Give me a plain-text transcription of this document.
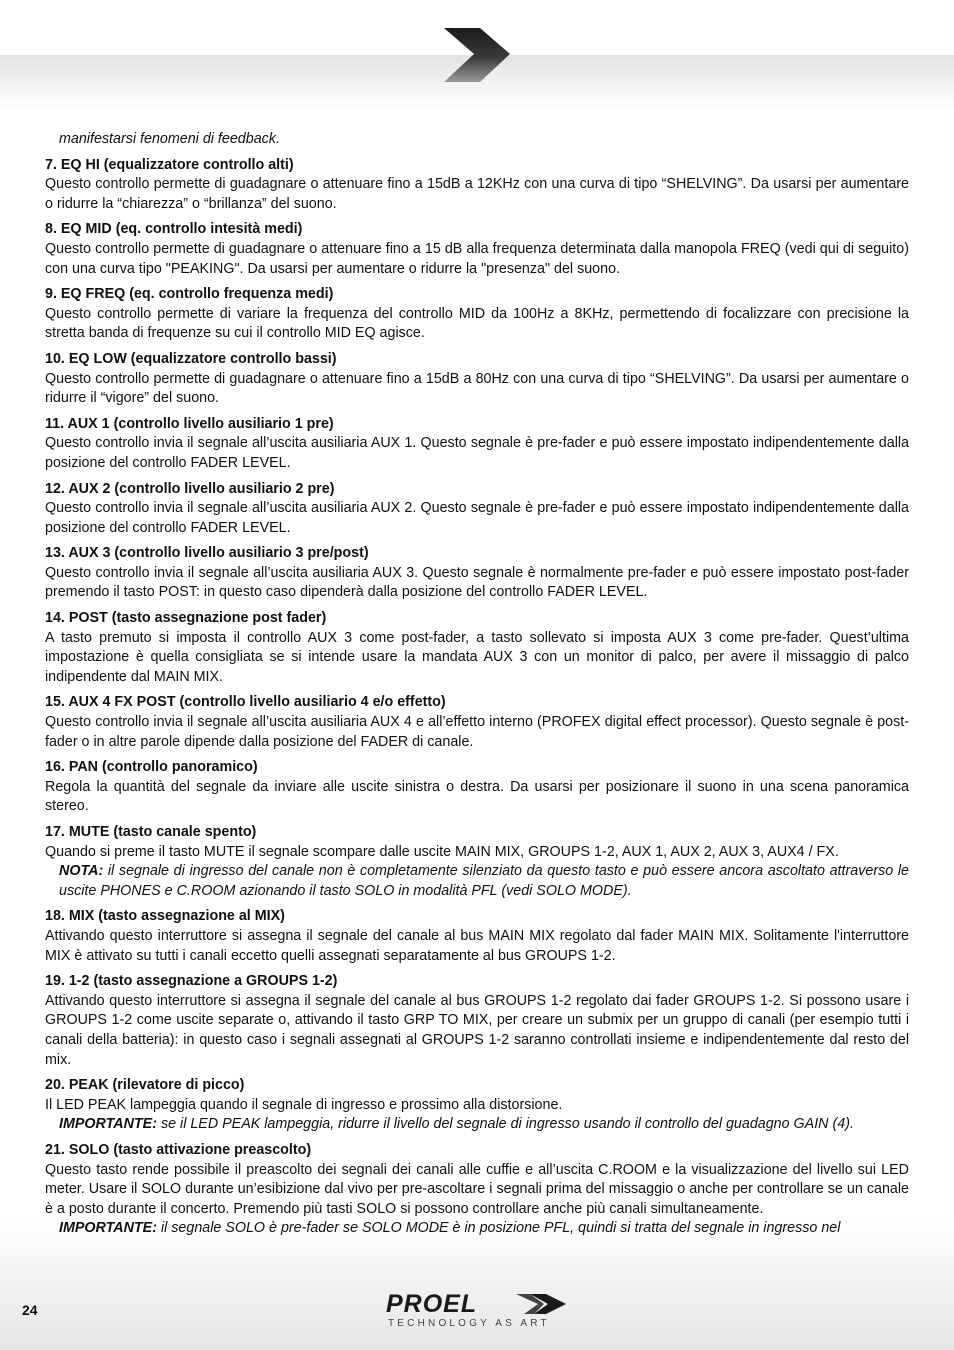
manifestarsi fenomeni di feedback.
7. EQ HI (equalizzatore controllo alti)
Questo controllo permette di guadagnare o attenuare fino a 15dB a 12KHz con una curva di tipo “SHELVING”. Da usarsi per aumentare o ridurre la “chiarezza” o “brillanza” del suono.
8. EQ MID (eq. controllo intesità medi)
Questo controllo permette di guadagnare o attenuare fino a 15 dB alla frequenza determinata dalla manopola FREQ (vedi qui di seguito) con una curva tipo "PEAKING". Da usarsi per aumentare o ridurre la "presenza" del suono.
9. EQ FREQ (eq. controllo frequenza medi)
Questo controllo permette di variare la frequenza del controllo MID da 100Hz a 8KHz, permettendo di focalizzare con precisione la stretta banda di frequenze su cui il controllo MID EQ agisce.
10. EQ LOW (equalizzatore controllo bassi)
Questo controllo permette di guadagnare o attenuare fino a 15dB a 80Hz con una curva di tipo “SHELVING”. Da usarsi per aumentare o ridurre il “vigore” del suono.
11. AUX 1 (controllo livello ausiliario 1 pre)
Questo controllo invia il segnale all’uscita ausiliaria AUX 1. Questo segnale è pre-fader e può essere impostato indipendentemente dalla posizione del controllo FADER LEVEL.
12. AUX 2 (controllo livello ausiliario 2 pre)
Questo controllo invia il segnale all’uscita ausiliaria AUX 2. Questo segnale è pre-fader e può essere impostato indipendentemente dalla posizione del controllo FADER LEVEL.
13. AUX 3 (controllo livello ausiliario 3 pre/post)
Questo controllo invia il segnale all’uscita ausiliaria AUX 3. Questo segnale è normalmente pre-fader e può essere impostato post-fader premendo il tasto POST: in questo caso dipenderà dalla posizione del controllo FADER LEVEL.
14. POST (tasto assegnazione post fader)
A tasto premuto si imposta il controllo AUX 3 come post-fader, a tasto sollevato si imposta AUX 3 come pre-fader. Quest’ultima impostazione è quella consigliata se si intende usare la mandata AUX 3 con un monitor di palco, per avere il missaggio di palco indipendente dal MAIN MIX.
15. AUX 4 FX POST (controllo livello ausiliario 4 e/o effetto)
Questo controllo invia il segnale all’uscita ausiliaria AUX 4 e all’effetto interno (PROFEX digital effect processor). Questo segnale è post-fader o in altre parole dipende dalla posizione del FADER di canale.
16. PAN (controllo panoramico)
Regola la quantità del segnale da inviare alle uscite sinistra o destra. Da usarsi per posizionare il suono in una scena panoramica stereo.
17. MUTE (tasto canale spento)
Quando si preme il tasto MUTE il segnale scompare dalle uscite MAIN MIX, GROUPS 1-2, AUX 1, AUX 2, AUX 3, AUX4 / FX.
NOTA: il segnale di ingresso del canale non è completamente silenziato da questo tasto e può essere ancora ascoltato attraverso le uscite PHONES e C.ROOM azionando il tasto SOLO in modalità PFL (vedi SOLO MODE).
18. MIX (tasto assegnazione al MIX)
Attivando questo interruttore si assegna il segnale del canale al bus MAIN MIX regolato dal fader MAIN MIX. Solitamente l'interruttore MIX è attivato su tutti i canali eccetto quelli assegnati separatamente al bus GROUPS 1-2.
19. 1-2 (tasto assegnazione a GROUPS 1-2)
Attivando questo interruttore si assegna il segnale del canale al bus GROUPS 1-2 regolato dai fader GROUPS 1-2. Si possono usare i GROUPS 1-2 come uscite separate o, attivando il tasto GRP TO MIX, per creare un submix per un gruppo di canali (per esempio tutti i canali della batteria): in questo caso i segnali assegnati al GROUPS 1-2 saranno controllati insieme e indipendentemente dal resto del mix.
20. PEAK (rilevatore di picco)
Il LED PEAK lampeggia quando il segnale di ingresso e prossimo alla distorsione.
IMPORTANTE: se il LED PEAK lampeggia, ridurre il livello del segnale di ingresso usando il controllo del guadagno GAIN (4).
21. SOLO (tasto attivazione preascolto)
Questo tasto rende possibile il preascolto dei segnali dei canali alle cuffie e all’uscita C.ROOM e la visualizzazione del livello sui LED meter. Usare il SOLO durante un’esibizione dal vivo per pre-ascoltare i segnali prima del missaggio o anche per controllare se un canale è a posto durante il concerto. Premendo più tasti SOLO si possono controllare anche più canali simultaneamente.
IMPORTANTE: il segnale SOLO è pre-fader se SOLO MODE è in posizione PFL, quindi si tratta del segnale in ingresso nel
24	PROEL
TECHNOLOGY AS ART
